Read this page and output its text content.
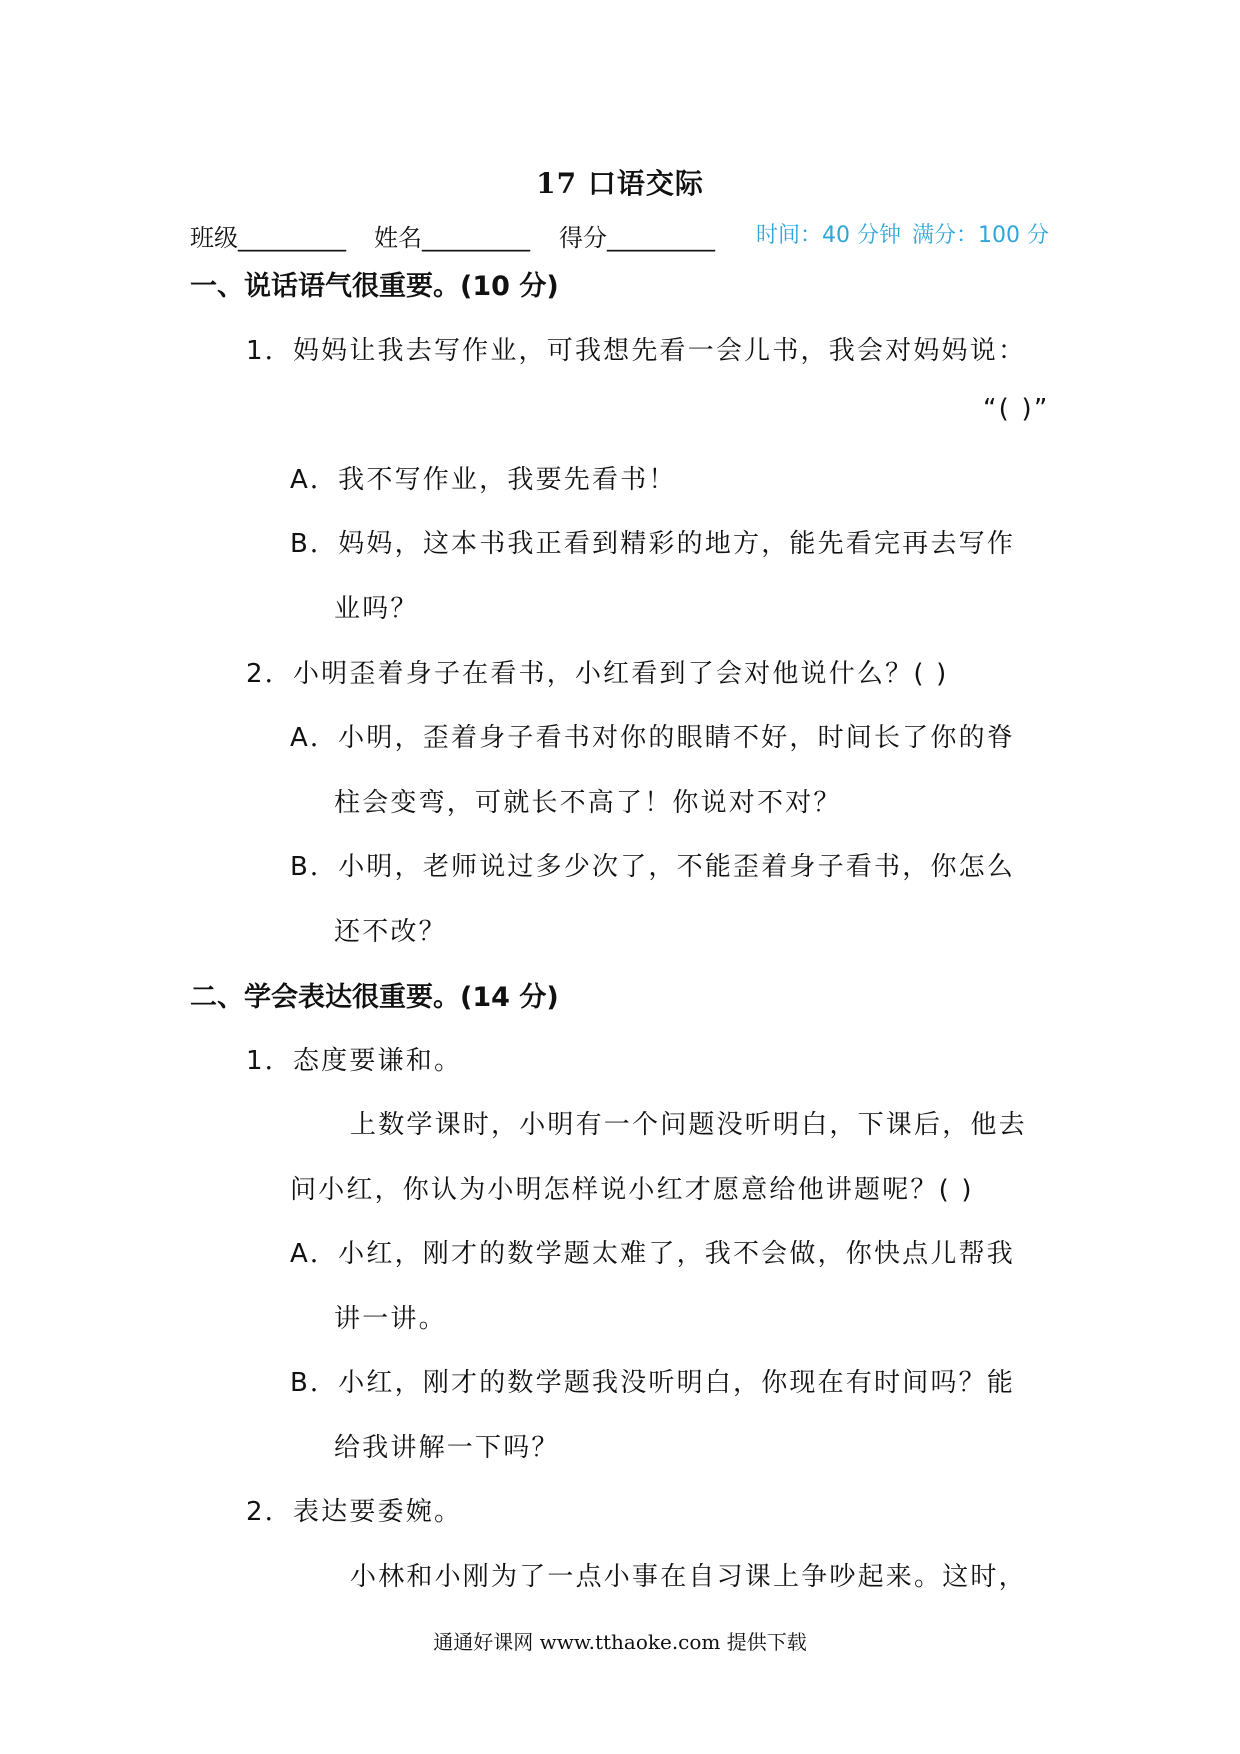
17 口语交际
班级_________ 姓名_________ 得分_________ 时间：40 分钟 满分：100 分
一、说话语气很重要。(10 分)
1．妈妈让我去写作业，可我想先看一会儿书，我会对妈妈说：
“( )”
A．我不写作业，我要先看书！
B．妈妈，这本书我正看到精彩的地方，能先看完再去写作
业吗？
2．小明歪着身子在看书，小红看到了会对他说什么？( )
A．小明，歪着身子看书对你的眼睛不好，时间长了你的脊
柱会变弯，可就长不高了！你说对不对？
B．小明，老师说过多少次了，不能歪着身子看书，你怎么
还不改？
二、学会表达很重要。(14 分)
1．态度要谦和。
上数学课时，小明有一个问题没听明白，下课后，他去
问小红，你认为小明怎样说小红才愿意给他讲题呢？( )
A．小红，刚才的数学题太难了，我不会做，你快点儿帮我
讲一讲。
B．小红，刚才的数学题我没听明白，你现在有时间吗？能
给我讲解一下吗？
2．表达要委婉。
小林和小刚为了一点小事在自习课上争吵起来。这时，
通通好课网 www.tthaoke.com 提供下载
